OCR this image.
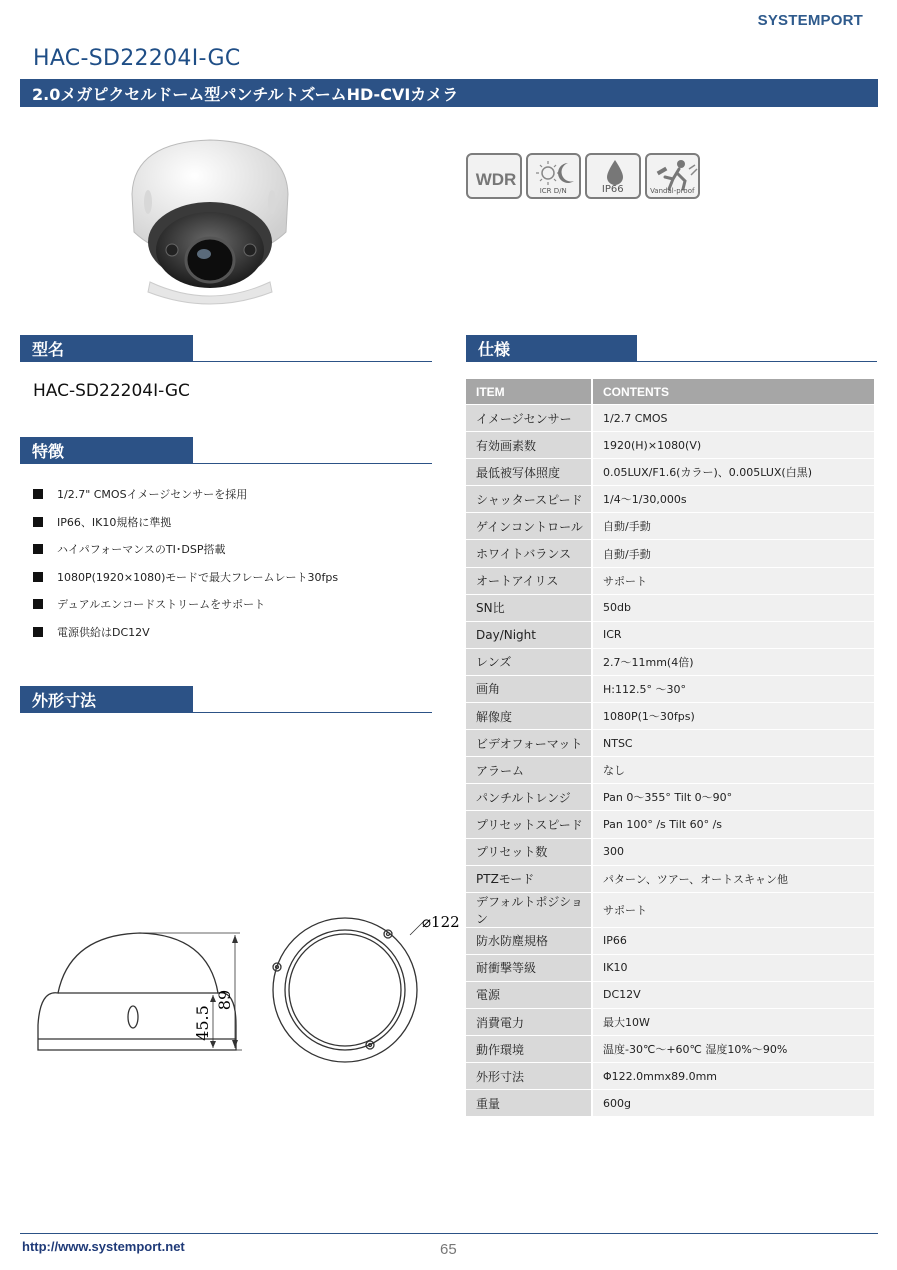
SYSTEMPORT
HAC-SD22204I-GC
2.0メガピクセルドーム型パンチルトズームHD-CVIカメラ
WDR
ICR D/N	IP66	Vandal-proof
型名
HAC-SD22204I-GC
特徴
1/2.7" CMOSイメージセンサーを採用
IP66、IK10規格に準拠
ハイパフォーマンスのTI･DSP搭載
1080P(1920×1080)モードで最大フレームレート30fps
デュアルエンコードストリームをサポート
電源供給はDC12V
外形寸法
89
45.5
⌀122
仕様
ITEM	CONTENTS
イメージセンサー	1/2.7 CMOS
有効画素数	1920(H)×1080(V)
最低被写体照度	0.05LUX/F1.6(カラー)、0.005LUX(白黒)
シャッタースピード	1/4～1/30,000s
ゲインコントロール	自動/手動
ホワイトバランス	自動/手動
オートアイリス	サポート
SN比	50db
Day/Night	ICR
レンズ	2.7～11mm(4倍)
画角	H:112.5° ～30°
解像度	1080P(1～30fps)
ビデオフォーマット	NTSC
アラーム	なし
パンチルトレンジ	Pan 0～355° Tilt 0～90°
プリセットスピード	Pan 100° /s Tilt 60° /s
プリセット数	300
PTZモード	パターン、ツアー、オートスキャン他
デフォルトポジション	サポート
防水防塵規格	IP66
耐衝撃等級	IK10
電源	DC12V
消費電力	最大10W
動作環境	温度-30℃～+60℃ 湿度10%～90%
外形寸法	Φ122.0mmx89.0mm
重量	600g
http://www.systemport.net	65
